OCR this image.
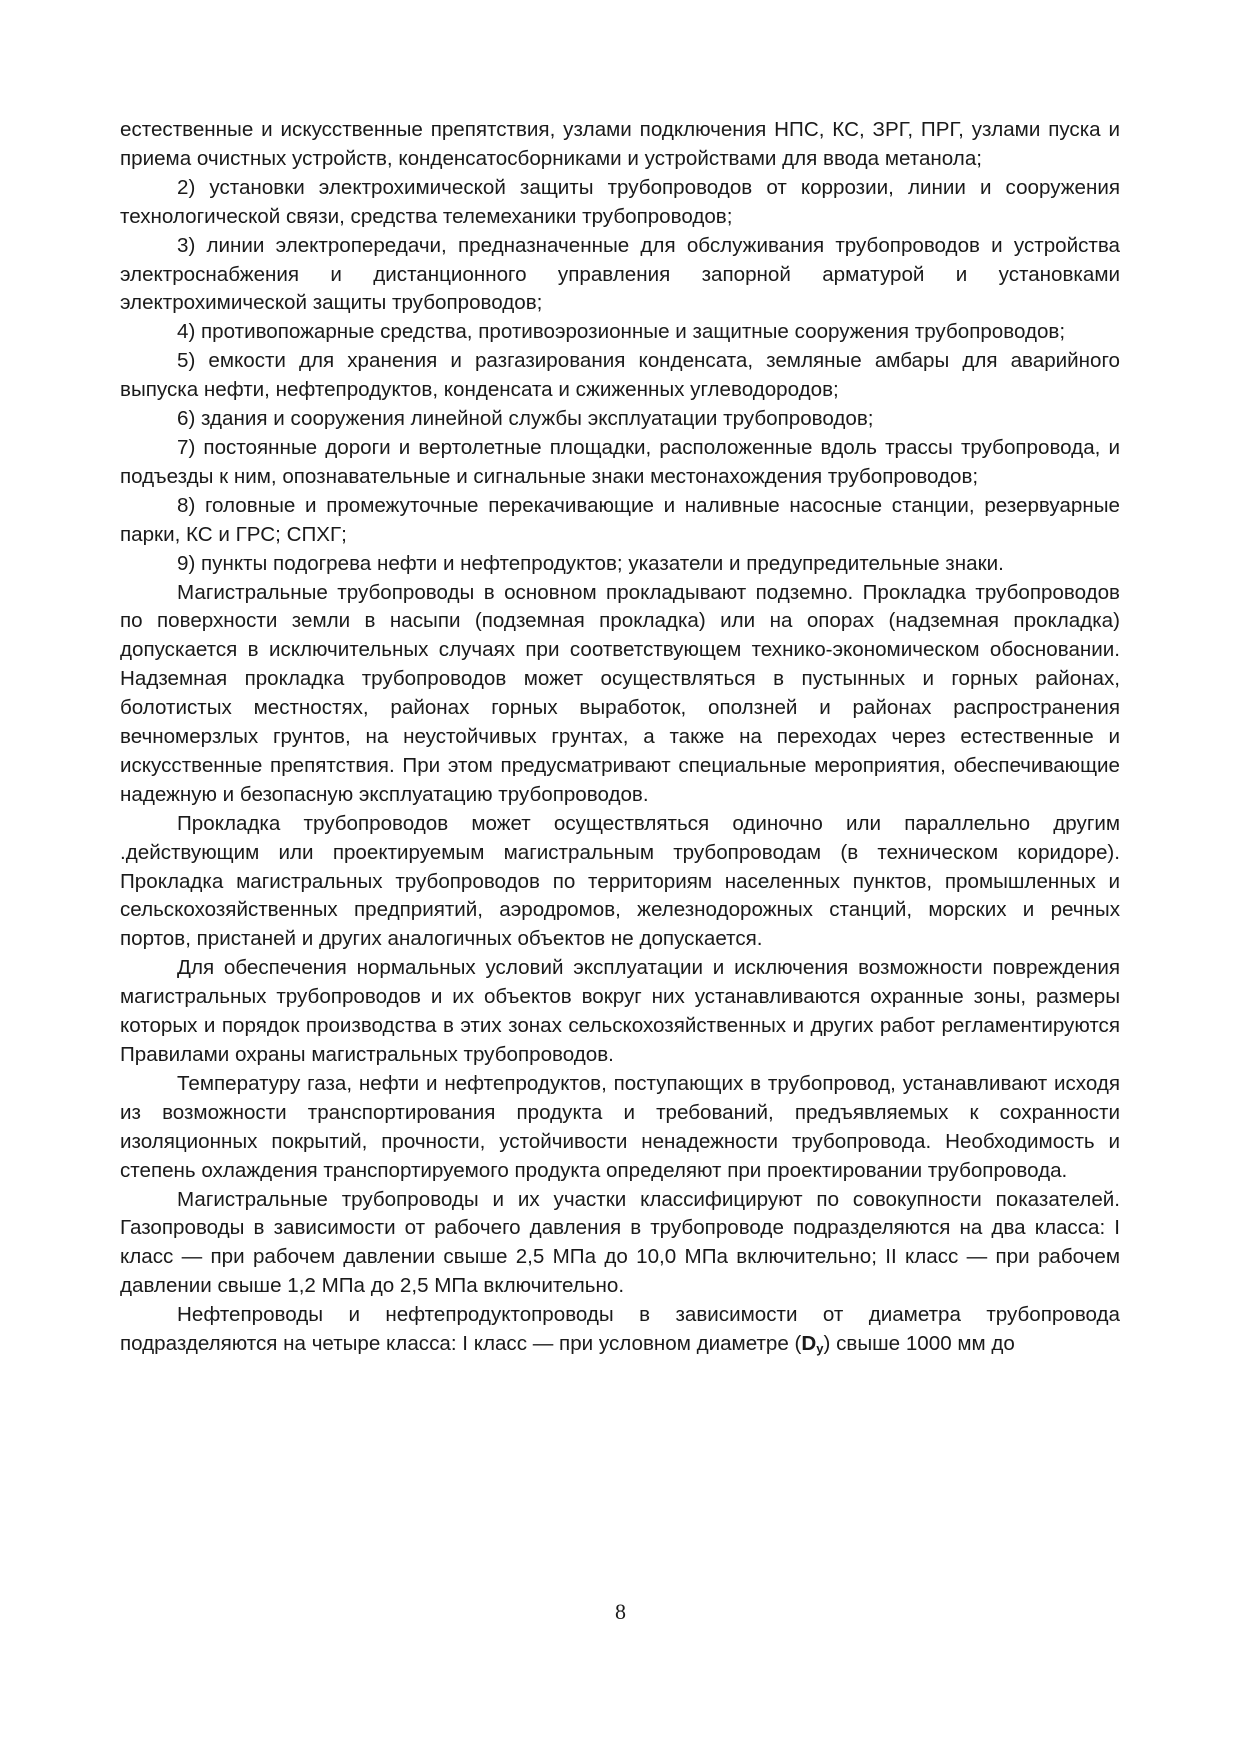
естественные и искусственные препятствия, узлами подключения НПС, КС, ЗРГ, ПРГ, узлами пуска и приема очистных устройств, конденсатосборниками и устройствами для ввода метанола;

2) установки электрохимической защиты трубопроводов от коррозии, линии и сооружения технологической связи, средства телемеханики трубопроводов;

3) линии электропередачи, предназначенные для обслуживания трубопроводов и устройства электроснабжения и дистанционного управления запорной арматурой и установками электрохимической защиты трубопроводов;

4) противопожарные средства, противоэрозионные и защитные сооружения трубопроводов;

5) емкости для хранения и разгазирования конденсата, земляные амбары для аварийного выпуска нефти, нефтепродуктов, конденсата и сжиженных углеводородов;

6) здания и сооружения линейной службы эксплуатации трубопроводов;

7) постоянные дороги и вертолетные площадки, расположенные вдоль трассы трубопровода, и подъезды к ним, опознавательные и сигнальные знаки местонахождения трубопроводов;

8) головные и промежуточные перекачивающие и наливные насосные станции, резервуарные парки, КС и ГРС; СПХГ;

9) пункты подогрева нефти и нефтепродуктов; указатели и предупредительные знаки.

Магистральные трубопроводы в основном прокладывают подземно. Прокладка трубопроводов по поверхности земли в насыпи (подземная прокладка) или на опорах (надземная прокладка) допускается в исключительных случаях при соответствующем технико-экономическом обосновании. Надземная прокладка трубопроводов может осуществляться в пустынных и горных районах, болотистых местностях, районах горных выработок, оползней и районах распространения вечномерзлых грунтов, на неустойчивых грунтах, а также на переходах через естественные и искусственные препятствия. При этом предусматривают специальные мероприятия, обеспечивающие надежную и безопасную эксплуатацию трубопроводов.

Прокладка трубопроводов может осуществляться одиночно или параллельно другим .действующим или проектируемым магистральным трубопроводам (в техническом коридоре). Прокладка магистральных трубопроводов по территориям населенных пунктов, промышленных и сельскохозяйственных предприятий, аэродромов, железнодорожных станций, морских и речных портов, пристаней и других аналогичных объектов не допускается.

Для обеспечения нормальных условий эксплуатации и исключения возможности повреждения магистральных трубопроводов и их объектов вокруг них устанавливаются охранные зоны, размеры которых и порядок производства в этих зонах сельскохозяйственных и других работ регламентируются Правилами охраны магистральных трубопроводов.

Температуру газа, нефти и нефтепродуктов, поступающих в трубопровод, устанавливают исходя из возможности транспортирования продукта и требований, предъявляемых к сохранности изоляционных покрытий, прочности, устойчивости ненадежности трубопровода. Необходимость и степень охлаждения транспортируемого продукта определяют при проектировании трубопровода.

Магистральные трубопроводы и их участки классифицируют по совокупности показателей. Газопроводы в зависимости от рабочего давления в трубопроводе подразделяются на два класса: I класс — при рабочем давлении свыше 2,5 МПа до 10,0 МПа включительно; II класс — при рабочем давлении свыше 1,2 МПа до 2,5 МПа включительно.

Нефтепроводы и нефтепродуктопроводы в зависимости от диаметра трубопровода подразделяются на четыре класса: I класс — при условном диаметре $(D_у)$ свыше 1000 мм до

8
